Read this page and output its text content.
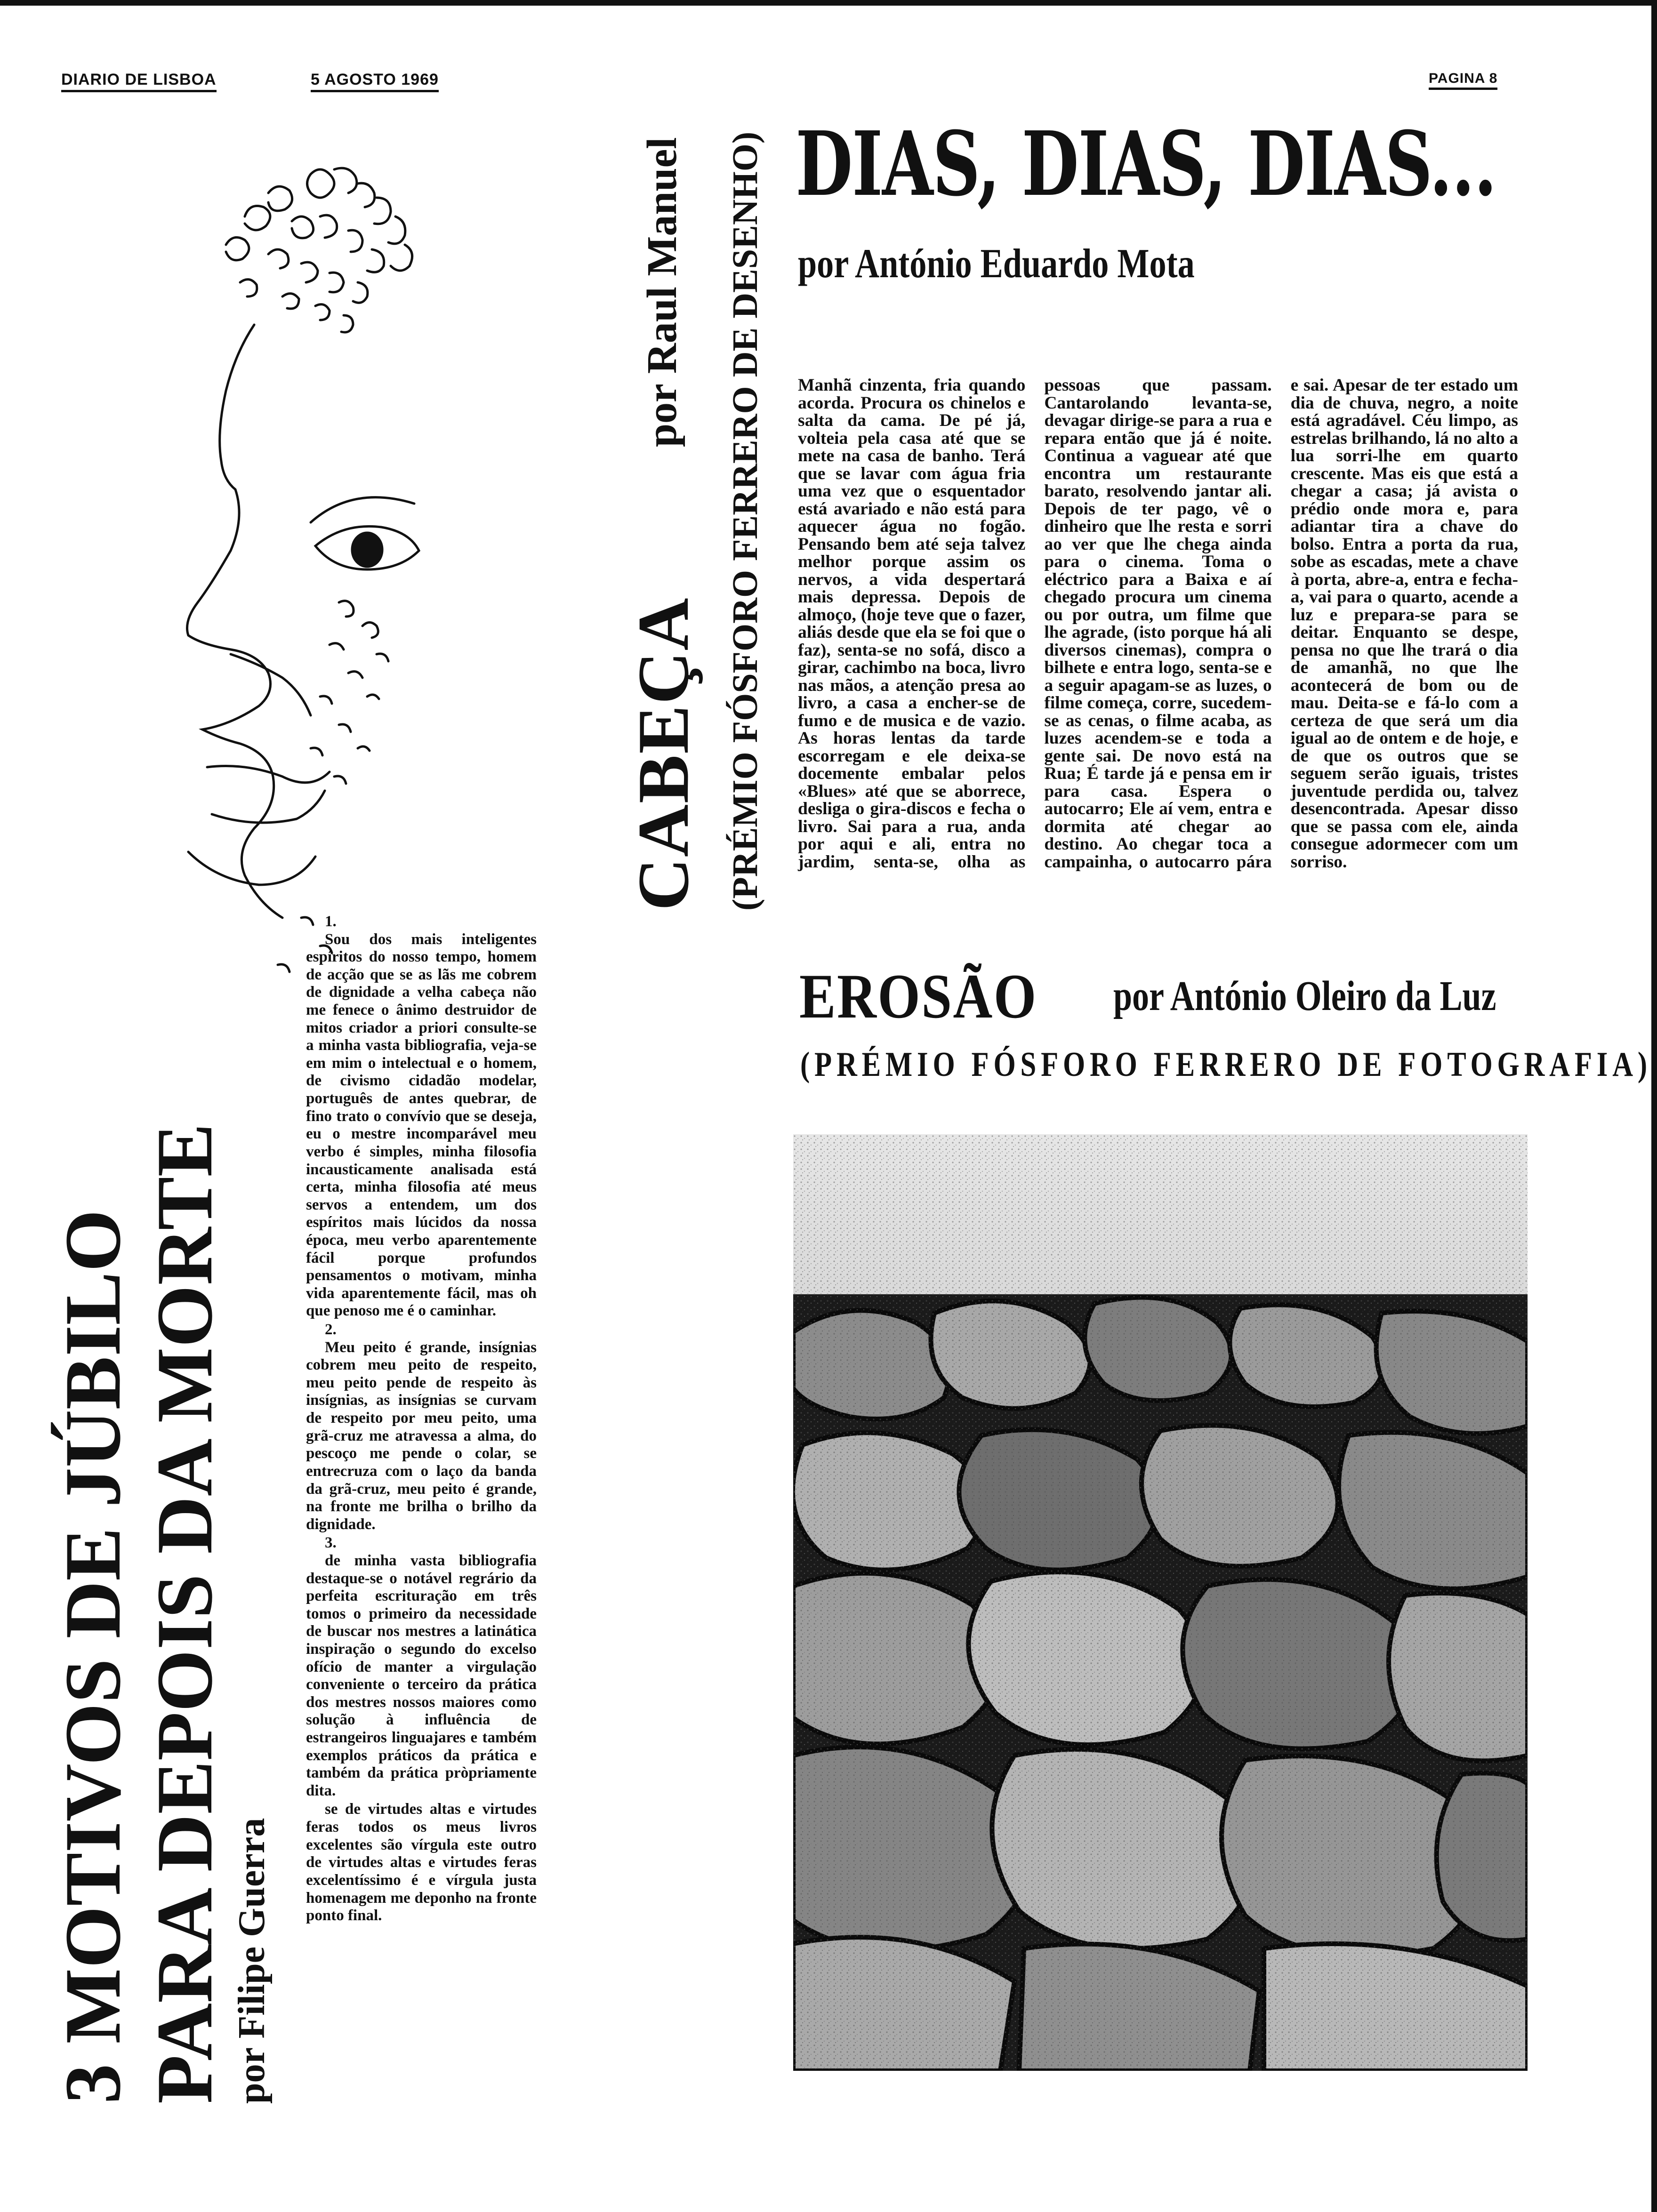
DIARIO DE LISBOA	5 AGOSTO 1969	PAGINA 8
DIAS, DIAS, DIAS...
por António Eduardo Mota
Manhã cinzenta, fria quando acorda. Procura os chinelos e salta da cama. De pé já, volteia pela casa até que se mete na casa de banho. Terá que se lavar com água fria uma vez que o esquentador está avariado e não está para aquecer água no fogão. Pensando bem até seja talvez melhor porque assim os nervos, a vida despertará mais depressa. Depois de almoço, (hoje teve que o fazer, aliás desde que ela se foi que o faz), senta-se no sofá, disco a girar, cachimbo na boca, livro nas mãos, a atenção presa ao livro, a casa a encher-se de fumo e de musica e de vazio. As horas lentas da tarde escorregam e ele deixa-se docemente embalar pelos «Blues» até que se aborrece, desliga o gira-discos e fecha o livro. Sai para a rua, anda por aqui e ali, entra no jardim, senta-se, olha as pessoas que passam. Cantarolando levanta-se, devagar dirige-se para a rua e repara então que já é noite. Continua a vaguear até que encontra um restaurante barato, resolvendo jantar ali. Depois de ter pago, vê o dinheiro que lhe resta e sorri ao ver que lhe chega ainda para o cinema. Toma o eléctrico para a Baixa e aí chegado procura um cinema ou por outra, um filme que lhe agrade, (isto porque há ali diversos cinemas), compra o bilhete e entra logo, senta-se e a seguir apagam-se as luzes, o filme começa, corre, sucedem-se as cenas, o filme acaba, as luzes acendem-se e toda a gente sai. De novo está na Rua; É tarde já e pensa em ir para casa. Espera o autocarro; Ele aí vem, entra e dormita até chegar ao destino. Ao chegar toca a campainha, o autocarro pára e sai. Apesar de ter estado um dia de chuva, negro, a noite está agradável. Céu limpo, as estrelas brilhando, lá no alto a lua sorri-lhe em quarto crescente. Mas eis que está a chegar a casa; já avista o prédio onde mora e, para adiantar tira a chave do bolso. Entra a porta da rua, sobe as escadas, mete a chave à porta, abre-a, entra e fecha-a, vai para o quarto, acende a luz e prepara-se para se deitar. Enquanto se despe, pensa no que lhe trará o dia de amanhã, no que lhe acontecerá de bom ou de mau. Deita-se e fá-lo com a certeza de que será um dia igual ao de ontem e de hoje, e de que os outros que se seguem serão iguais, tristes juventude perdida ou, talvez desencontrada. Apesar disso que se passa com ele, ainda consegue adormecer com um sorriso.
CABEÇA
por Raul Manuel (PRÉMIO FÓSFORO FERRERO DE DESENHO)
EROSÃO por António Oleiro da Luz
(PRÉMIO FÓSFORO FERRERO DE FOTOGRAFIA)
3 MOTIVOS DE JÚBILO PARA DEPOIS DA MORTE por Filipe Guerra
1.

Sou dos mais inteligentes espíritos do nosso tempo, homem de acção que se as lãs me cobrem de dignidade a velha cabeça não me fenece o ânimo destruidor de mitos criador a priori consulte-se a minha vasta bibliografia, veja-se em mim o intelectual e o homem, de civismo cidadão modelar, português de antes quebrar, de fino trato o convívio que se deseja, eu o mestre incomparável meu verbo é simples, minha filosofia incausticamente analisada está certa, minha filosofia até meus servos a entendem, um dos espíritos mais lúcidos da nossa época, meu verbo aparentemente fácil porque profundos pensamentos o motivam, minha vida aparentemente fácil, mas oh que penoso me é o caminhar.

2.

Meu peito é grande, insígnias cobrem meu peito de respeito, meu peito pende de respeito às insígnias, as insígnias se curvam de respeito por meu peito, uma grã-cruz me atravessa a alma, do pescoço me pende o colar, se entrecruza com o laço da banda da grã-cruz, meu peito é grande, na fronte me brilha o brilho da dignidade.

3.

de minha vasta bibliografia destaque-se o notável regrário da perfeita escrituração em três tomos o primeiro da necessidade de buscar nos mestres a latinática inspiração o segundo do excelso ofício de manter a virgulação conveniente o terceiro da prática dos mestres nossos maiores como solução à influência de estrangeiros linguajares e também exemplos práticos da prática e também da prática pròpriamente dita.

se de virtudes altas e virtudes feras todos os meus livros excelentes são vírgula este outro de virtudes altas e virtudes feras excelentíssimo é e vírgula justa homenagem me deponho na fronte ponto final.
